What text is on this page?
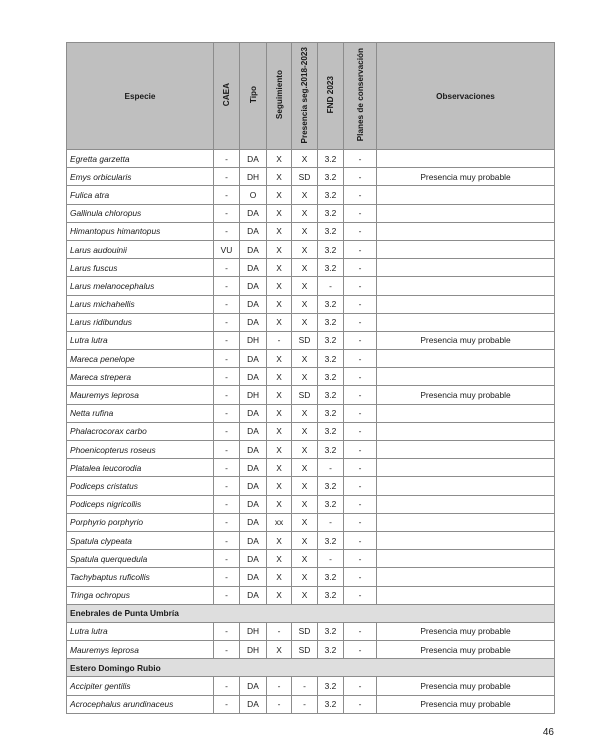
Especie	CAEA	Tipo	Seguimiento	Presencia seg.2018-2023	FND 2023	Planes de conservación	Observaciones
Egretta garzetta	-	DA	X	X	3.2	-	
Emys orbicularis	-	DH	X	SD	3.2	-	Presencia muy probable
Fulica atra	-	O	X	X	3.2	-	
Gallinula chloropus	-	DA	X	X	3.2	-	
Himantopus himantopus	-	DA	X	X	3.2	-	
Larus audouinii	VU	DA	X	X	3.2	-	
Larus fuscus	-	DA	X	X	3.2	-	
Larus melanocephalus	-	DA	X	X	-	-	
Larus michahellis	-	DA	X	X	3.2	-	
Larus ridibundus	-	DA	X	X	3.2	-	
Lutra lutra	-	DH	-	SD	3.2	-	Presencia muy probable
Mareca penelope	-	DA	X	X	3.2	-	
Mareca strepera	-	DA	X	X	3.2	-	
Mauremys leprosa	-	DH	X	SD	3.2	-	Presencia muy probable
Netta rufina	-	DA	X	X	3.2	-	
Phalacrocorax carbo	-	DA	X	X	3.2	-	
Phoenicopterus roseus	-	DA	X	X	3.2	-	
Platalea leucorodia	-	DA	X	X	-	-	
Podiceps cristatus	-	DA	X	X	3.2	-	
Podiceps nigricollis	-	DA	X	X	3.2	-	
Porphyrio porphyrio	-	DA	xx	X	-	-	
Spatula clypeata	-	DA	X	X	3.2	-	
Spatula querquedula	-	DA	X	X	-	-	
Tachybaptus ruficollis	-	DA	X	X	3.2	-	
Tringa ochropus	-	DA	X	X	3.2	-	
Enebrales de Punta Umbría							
Lutra lutra	-	DH	-	SD	3.2	-	Presencia muy probable
Mauremys leprosa	-	DH	X	SD	3.2	-	Presencia muy probable
Estero Domingo Rubio							
Accipiter gentilis	-	DA	-	-	3.2	-	Presencia muy probable
Acrocephalus arundinaceus	-	DA	-	-	3.2	-	Presencia muy probable
46
